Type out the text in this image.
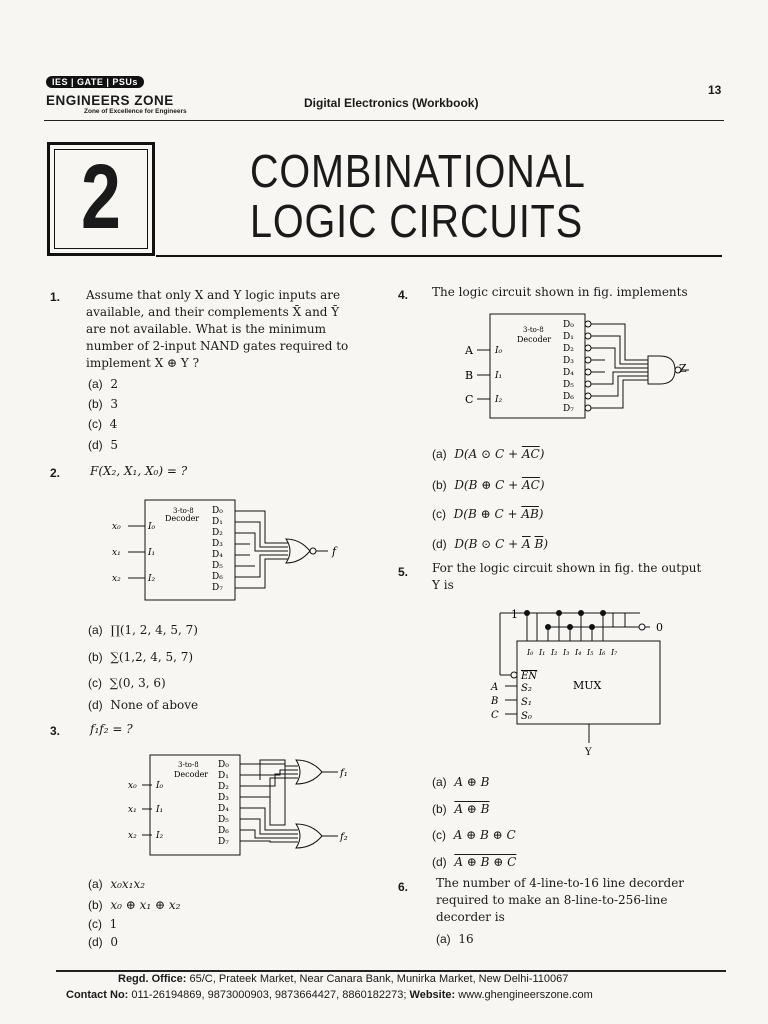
IES | GATE | PSUs
ENGINEERS ZONE
Zone of Excellence for Engineers
Digital Electronics (Workbook)
13
2	COMBINATIONAL
LOGIC CIRCUITS
1. Assume that only X and Y logic inputs are
available, and their complements X̄ and Ȳ
are not available. What is the minimum
number of 2-input NAND gates required to
implement X ⊕ Y ?
(a) 2
(b) 3
(c) 4
(d) 5
2. F(X₂, X₁, X₀) = ?
3-to-8
Decoder
x₀
x₁
x₂
I₀
I₁
I₂
D₀
D₁
D₂
D₃
D₄
D₅
D₆
D₇
f
(a) ∏(1, 2, 4, 5, 7)
(b) ∑(1,2, 4, 5, 7)
(c) ∑(0, 3, 6)
(d) None of above
3. f₁f₂ = ?
3-to-8
Decoder
x₀
x₁
x₂
I₀
I₁
I₂
D₀
D₁
D₂
D₃
D₄
D₅
D₆
D₇
f₁
f₂
(a) x₀x₁x₂
(b) x₀ ⊕ x₁ ⊕ x₂
(c) 1
(d) 0
4. The logic circuit shown in fig. implements
3-to-8
Decoder
A
B
C
I₀
I₁
I₂
D₀
D₁
D₂
D₃
D₄
D₅
D₆
D₇
Z
(a) D(A ⊙ $C + \overline{AC}$)
(b) D(B ⊕ $C + \overline{AC}$)
(c) D(B ⊕ $C + \overline{AB}$)
(d) D(B ⊙ $C + \overline{A}$ $\overline{B}$)
5. For the logic circuit shown in fig. the output
Y is
1
0
I₀ I₁ I₂ I₃ I₄ I₅ I₆ I₇
EN
MUX
S₂
S₁
S₀
A
B
C
Y
(a) A ⊕ B
(b) A ⊕ B
(c) A ⊕ B ⊕ C
(d) A ⊕ B ⊕ C
6. The number of 4-line-to-16 line decorder
required to make an 8-line-to-256-line
decorder is
(a) 16
Regd. Office: 65/C, Prateek Market, Near Canara Bank, Munirka Market, New Delhi-110067
Contact No: 011-26194869, 9873000903, 9873664427, 8860182273; Website: www.ghengineerszone.com
